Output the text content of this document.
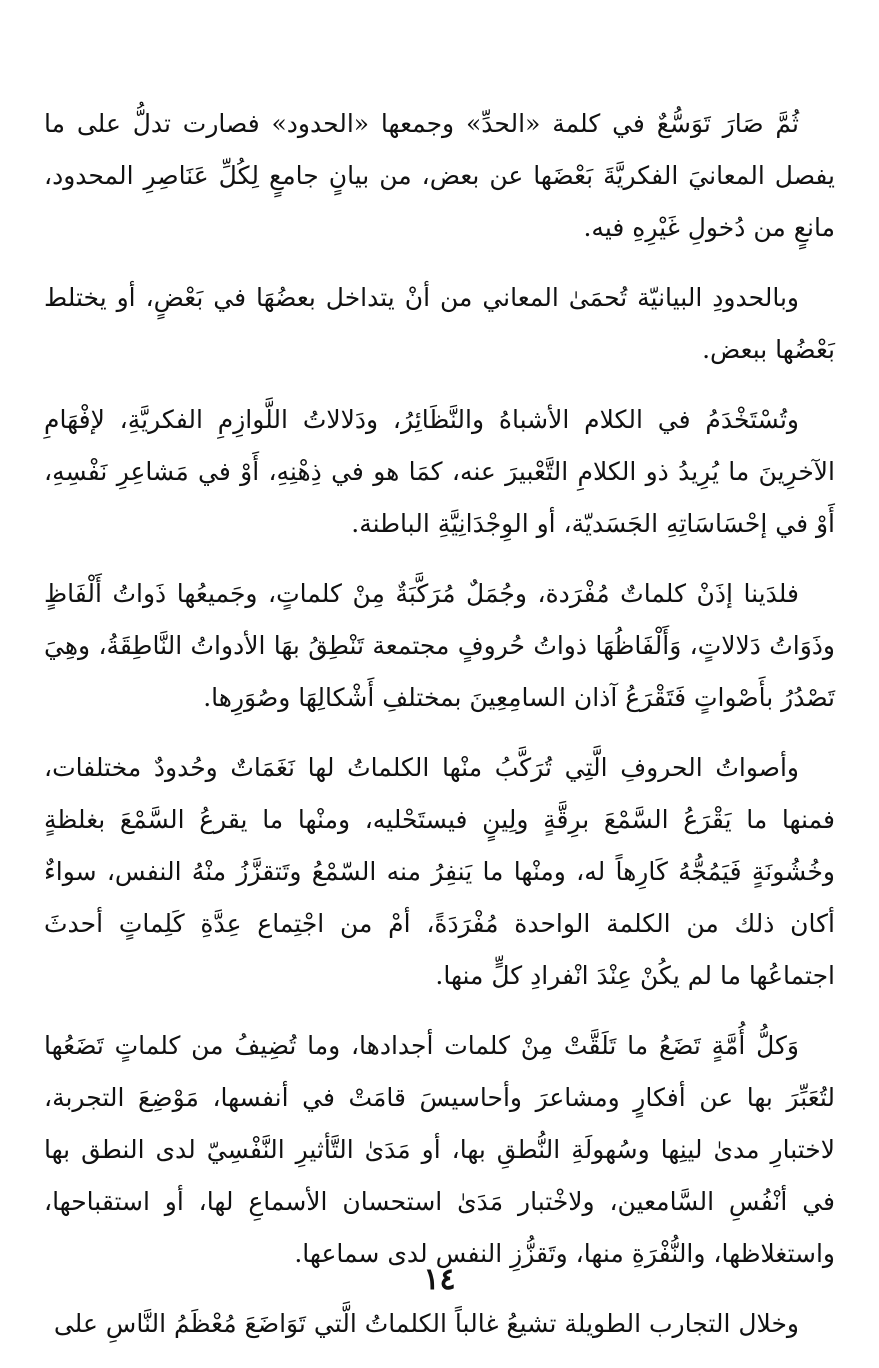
ثُمَّ صَارَ تَوَسُّعٌ في كلمة «الحدِّ» وجمعها «الحدود» فصارت تدلُّ على ما يفصل المعانيَ الفكريَّةَ بَعْضَها عن بعض، من بيانٍ جامعٍ لِكُلِّ عَنَاصِرِ المحدود، مانعٍ من دُخولِ غَيْرِهِ فيه.

وبالحدودِ البيانيّة تُحمَىٰ المعاني من أنْ يتداخل بعضُهَا في بَعْضٍ، أو يختلط بَعْضُها ببعض.

وتُسْتَخْدَمُ في الكلام الأشباهُ والنَّظَائِرُ، ودَلالاتُ اللَّوازِمِ الفكريَّةِ، لإفْهَامِ الآخرِينَ ما يُرِيدُ ذو الكلامِ التَّعْبيرَ عنه، كمَا هو في ذِهْنِهِ، أَوْ في مَشاعِرِ نَفْسِهِ، أَوْ في إحْسَاسَاتِهِ الجَسَديّة، أو الوِجْدَانِيَّةِ الباطنة.

فلدَينا إذَنْ كلماتٌ مُفْرَدة، وجُمَلٌ مُرَكَّبَةٌ مِنْ كلماتٍ، وجَميعُها ذَواتُ أَلْفَاظٍ وذَوَاتُ دَلالاتٍ، وَأَلْفَاظُهَا ذواتُ حُروفٍ مجتمعة تَنْطِقُ بهَا الأدواتُ النَّاطِقَةُ، وهِيَ تَصْدُرُ بأَصْواتٍ فَتَقْرَعُ آذان السامِعِينَ بمختلفِ أَشْكالِهَا وصُوَرِها.

وأصواتُ الحروفِ الَّتِي تُرَكَّبُ منْها الكلماتُ لها نَغَمَاتٌ وحُدودٌ مختلفات، فمنها ما يَقْرَعُ السَّمْعَ برِقَّةٍ ولِينٍ فيستَحْليه، ومنْها ما يقرعُ السَّمْعَ بغلظةٍ وخُشُونَةٍ فَيَمُجُّهُ كَارِهاً له، ومنْها ما يَنفِرُ منه السّمْعُ وتَتقزَّزُ منْهُ النفس، سواءٌ أكان ذلك من الكلمة الواحدة مُفْرَدَةً، أمْ من اجْتِماع عِدَّةِ كَلِماتٍ أحدثَ اجتماعُها ما لم يكُنْ عِنْدَ انْفرادِ كلٍّ منها.

وَكلُّ أُمَّةٍ تَضَعُ ما تَلَقَّتْ مِنْ كلمات أجدادها، وما تُضِيفُ من كلماتٍ تَضَعُها لتُعَبِّرَ بها عن أفكارٍ ومشاعرَ وأحاسيسَ قامَتْ في أنفسها، مَوْضِعَ التجربة، لاختبارِ مدىٰ لينِها وسُهولَةِ النُّطقِ بها، أو مَدَىٰ التَّأثيرِ النَّفْسِيّ لدى النطق بها في أنْفُسِ السَّامعين، ولاخْتبار مَدَىٰ استحسان الأسماعِ لها، أو استقباحها، واستغلاظها، والنُّفْرَةِ منها، وتَقزُّزِ النفس لدى سماعها.

وخلال التجارب الطويلة تشيعُ غالباً الكلماتُ الَّتي تَوَاضَعَ مُعْظَمُ النَّاسِ على

١٤
